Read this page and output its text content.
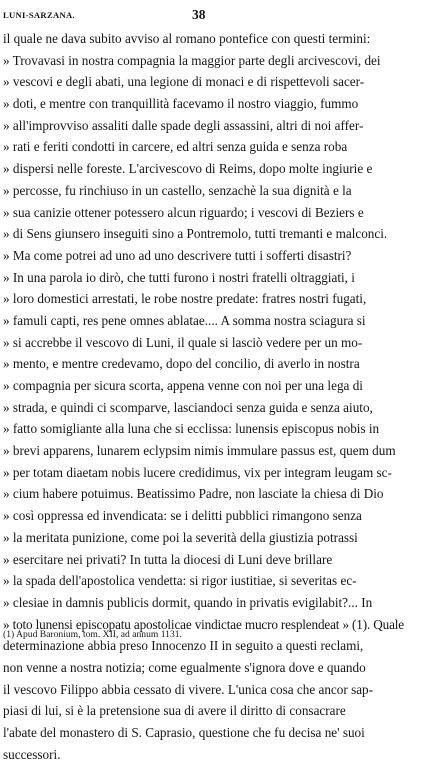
LUNI-SARZANA.	38
il quale ne dava subito avviso al romano pontefice con questi termini:
» Trovavasi in nostra compagnia la maggior parte degli arcivescovi, dei
» vescovi e degli abati, una legione di monaci e di rispettevoli sacer-
» doti, e mentre con tranquillità facevamo il nostro viaggio, fummo
» all'improvviso assaliti dalle spade degli assassini, altri di noi affer-
» rati e feriti condotti in carcere, ed altri senza guida e senza roba
» dispersi nelle foreste. L'arcivescovo di Reims, dopo molte ingiurie e
» percosse, fu rinchiuso in un castello, senzachè la sua dignità e la
» sua canizie ottener potessero alcun riguardo; i vescovi di Beziers e
» di Sens giunsero inseguiti sino a Pontremolo, tutti tremanti e malconci.
» Ma come potrei ad uno ad uno descrivere tutti i sofferti disastri?
» In una parola io dirò, che tutti furono i nostri fratelli oltraggiati, i
» loro domestici arrestati, le robe nostre predate: fratres nostri fugati,
» famuli capti, res pene omnes ablatae.... A somma nostra sciagura si
» si accrebbe il vescovo di Luni, il quale si lasciò vedere per un mo-
» mento, e mentre credevamo, dopo del concilio, di averlo in nostra
» compagnia per sicura scorta, appena venne con noi per una lega di
» strada, e quindi ci scomparve, lasciandoci senza guida e senza aiuto,
» fatto somigliante alla luna che si ecclissa: lunensis episcopus nobis in
» brevi apparens, lunarem eclypsim nimis immulare passus est, quem dum
» per totam diaetam nobis lucere credidimus, vix per integram leugam sc-
» cium habere potuimus. Beatissimo Padre, non lasciate la chiesa di Dio
» così oppressa ed invendicata: se i delitti pubblici rimangono senza
» la meritata punizione, come poi la severità della giustizia potrassi
» esercitare nei privati? In tutta la diocesi di Luni deve brillare
» la spada dell'apostolica vendetta: si rigor iustitiae, si severitas ec-
» clesiae in damnis publicis dormit, quando in privatis evigilabit?... In
» toto lunensi episcopatu apostolicae vindictae mucro resplendeat » (1). Quale
determinazione abbia preso Innocenzo II in seguito a questi reclami,
non venne a nostra notizia; come egualmente s'ignora dove e quando
il vescovo Filippo abbia cessato di vivere. L'unica cosa che ancor sap-
piasi di lui, si è la pretensione sua di avere il diritto di consacrare
l'abate del monastero di S. Caprasio, questione che fu decisa ne' suoi
successori.
(1) Apud Baronium, tom. XII, ad annum 1131.
